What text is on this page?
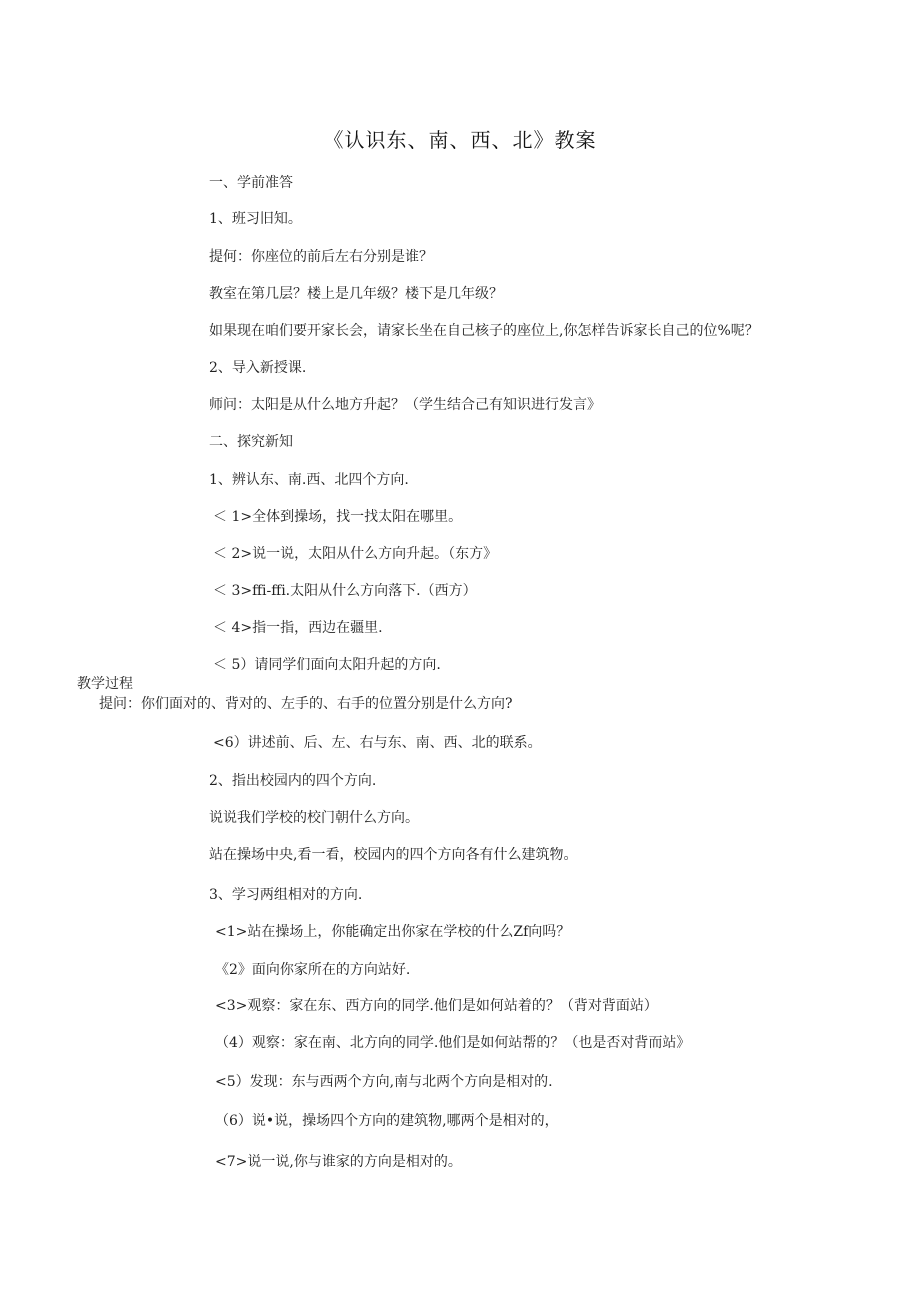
《认识东、南、西、北》教案
一、学前准答
1、班习旧知。
提何：你座位的前后左右分别是谁？
教室在第几层？楼上是几年级？楼下是几年级？
如果现在咱们要开家长会，请家长坐在自己核子的座位上,你怎样告诉家长自己的位%呢？
2、导入新授课.
师问：太阳是从什么地方升起？（学生结合己有知识进行发言》
二、探究新知
1、辨认东、南.西、北四个方向.
＜ 1>全体到操场，找一找太阳在哪里。
＜ 2>说一说，太阳从什么方向升起。（东方》
＜ 3>ffi-ffi.太阳从什么方向落下.（西方）
＜ 4>指一指，西边在疆里.
＜ 5）请同学们面向太阳升起的方向.
教学过程
提问：你们面对的、背对的、左手的、右手的位置分别是什么方向?
<6）讲述前、后、左、右与东、南、西、北的联系。
2、指出校园内的四个方向.
说说我们学校的校门朝什么方向。
站在操场中央,看一看，校园内的四个方向各有什么建筑物。
3、学习两组相对的方向.
<1>站在操场上，你能确定出你家在学校的什么Zf向吗？
《2》面向你家所在的方向站好.
<3>观察：家在东、西方向的同学.他们是如何站着的？（背对背面站）
（4）观察：家在南、北方向的同学.他们是如何站帮的？（也是否对背而站》
<5）发现：东与西两个方向,南与北两个方向是相对的.
（6）说•说，操场四个方向的建筑物,哪两个是相对的，
<7>说一说,你与谁家的方向是相对的。
